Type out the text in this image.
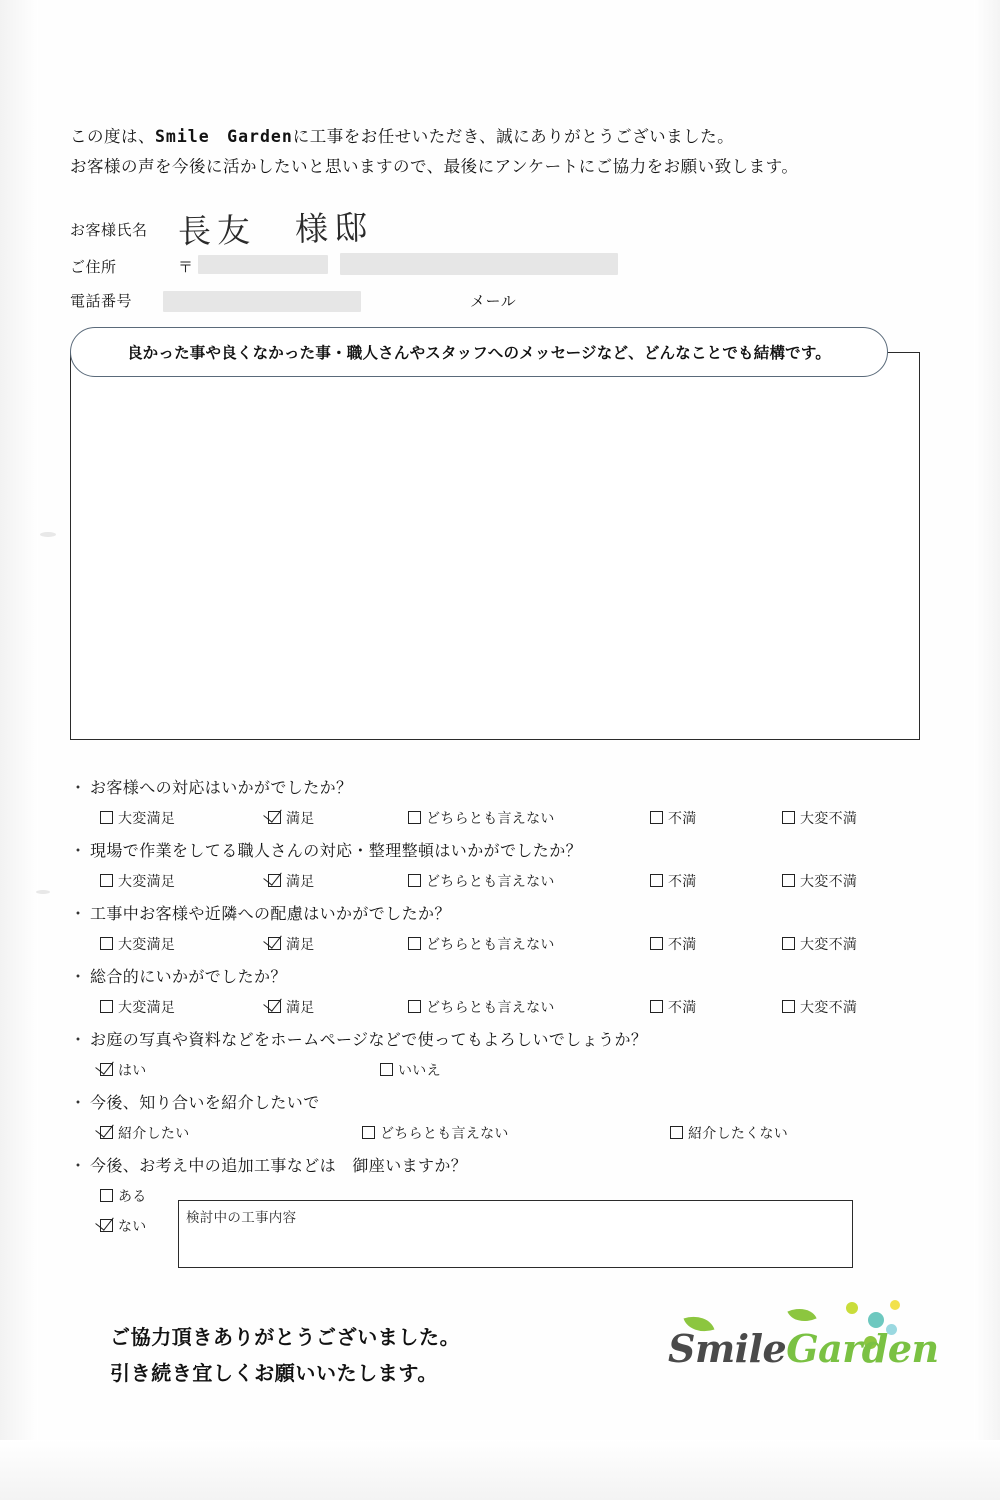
この度は、Smile　Gardenに工事をお任せいただき、誠にありがとうございました。
お客様の声を今後に活かしたいと思いますので、最後にアンケートにご協力をお願い致します。
お客様氏名 長友　様邸
ご住所	〒
電話番号	メール
良かった事や良くなかった事・職人さんやスタッフへのメッセージなど、どんなことでも結構です。
・ お客様への対応はいかがでしたか？
大変満足	満足	どちらとも言えない	不満	大変不満
・ 現場で作業をしてる職人さんの対応・整理整頓はいかがでしたか？
大変満足	満足	どちらとも言えない	不満	大変不満
・ 工事中お客様や近隣への配慮はいかがでしたか？
大変満足	満足	どちらとも言えない	不満	大変不満
・ 総合的にいかがでしたか？
大変満足	満足	どちらとも言えない	不満	大変不満
・ お庭の写真や資料などをホームページなどで使ってもよろしいでしょうか？
はい	いいえ
・ 今後、知り合いを紹介したいで
紹介したい	どちらとも言えない	紹介したくない
・ 今後、お考え中の追加工事などは　御座いますか？
ある
ない
検討中の工事内容
ご協力頂きありがとうございました。
引き続き宜しくお願いいたします。
SmileGarden
